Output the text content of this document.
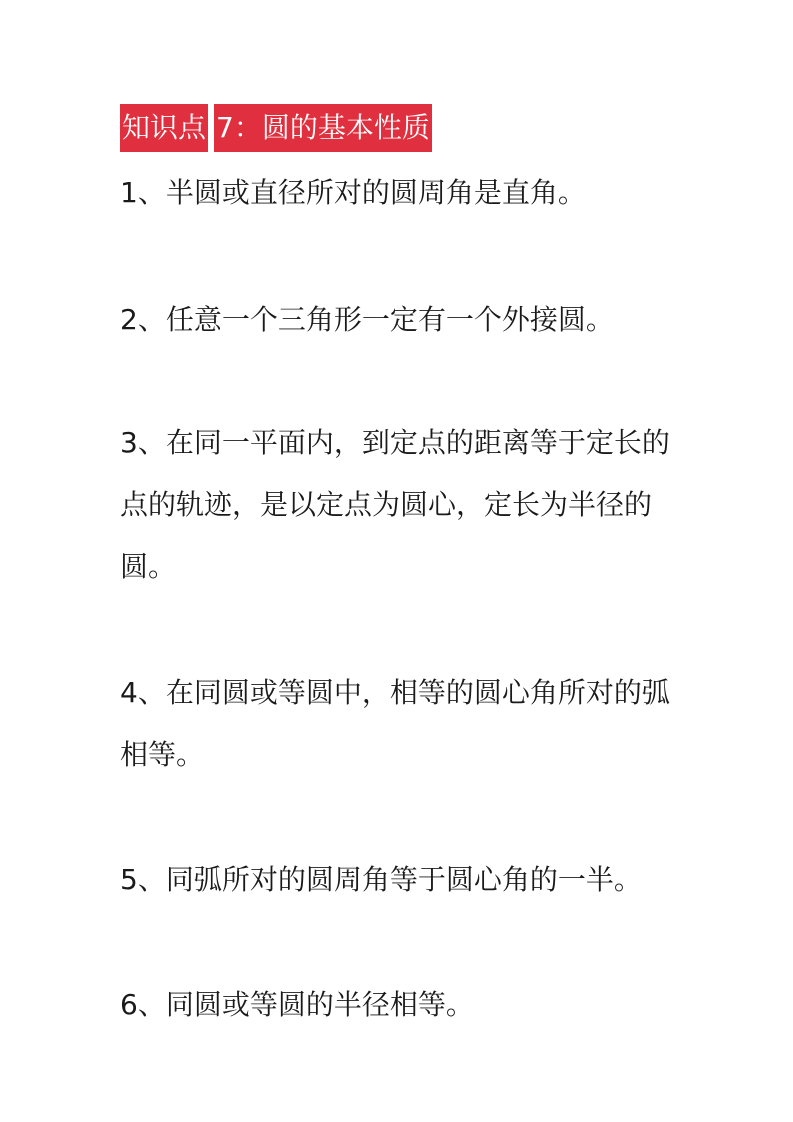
知识点 7：圆的基本性质

1、半圆或直径所对的圆周角是直角。

2、任意一个三角形一定有一个外接圆。

3、在同一平面内，到定点的距离等于定长的点的轨迹，是以定点为圆心，定长为半径的圆。

4、在同圆或等圆中，相等的圆心角所对的弧相等。

5、同弧所对的圆周角等于圆心角的一半。

6、同圆或等圆的半径相等。
